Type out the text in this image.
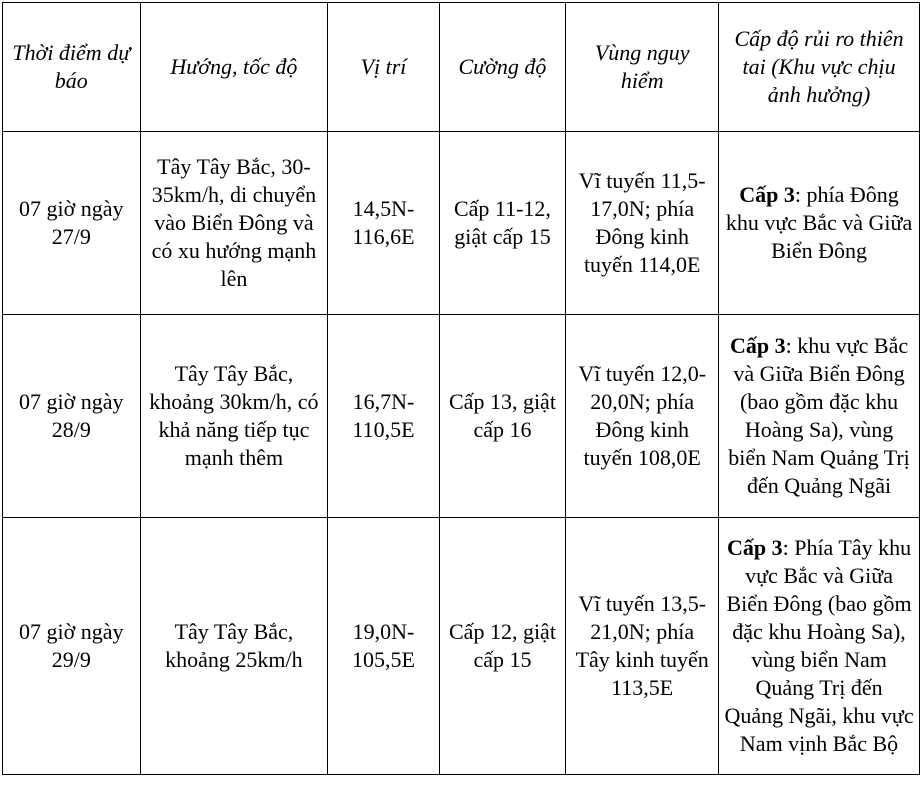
Thời điểm dự báo	Hướng, tốc độ	Vị trí	Cường độ	Vùng nguy hiểm	Cấp độ rủi ro thiên tai (Khu vực chịu ảnh hưởng)
07 giờ ngày 27/9	Tây Tây Bắc, 30-35km/h, di chuyển vào Biển Đông và có xu hướng mạnh lên	14,5N-116,6E	Cấp 11-12, giật cấp 15	Vĩ tuyến 11,5-17,0N; phía Đông kinh tuyến 114,0E	Cấp 3: phía Đông khu vực Bắc và Giữa Biển Đông
07 giờ ngày 28/9	Tây Tây Bắc, khoảng 30km/h, có khả năng tiếp tục mạnh thêm	16,7N-110,5E	Cấp 13, giật cấp 16	Vĩ tuyến 12,0-20,0N; phía Đông kinh tuyến 108,0E	Cấp 3: khu vực Bắc và Giữa Biển Đông (bao gồm đặc khu Hoàng Sa), vùng biển Nam Quảng Trị đến Quảng Ngãi
07 giờ ngày 29/9	Tây Tây Bắc, khoảng 25km/h	19,0N-105,5E	Cấp 12, giật cấp 15	Vĩ tuyến 13,5-21,0N; phía Tây kinh tuyến 113,5E	Cấp 3: Phía Tây khu vực Bắc và Giữa Biển Đông (bao gồm đặc khu Hoàng Sa), vùng biển Nam Quảng Trị đến Quảng Ngãi, khu vực Nam vịnh Bắc Bộ
